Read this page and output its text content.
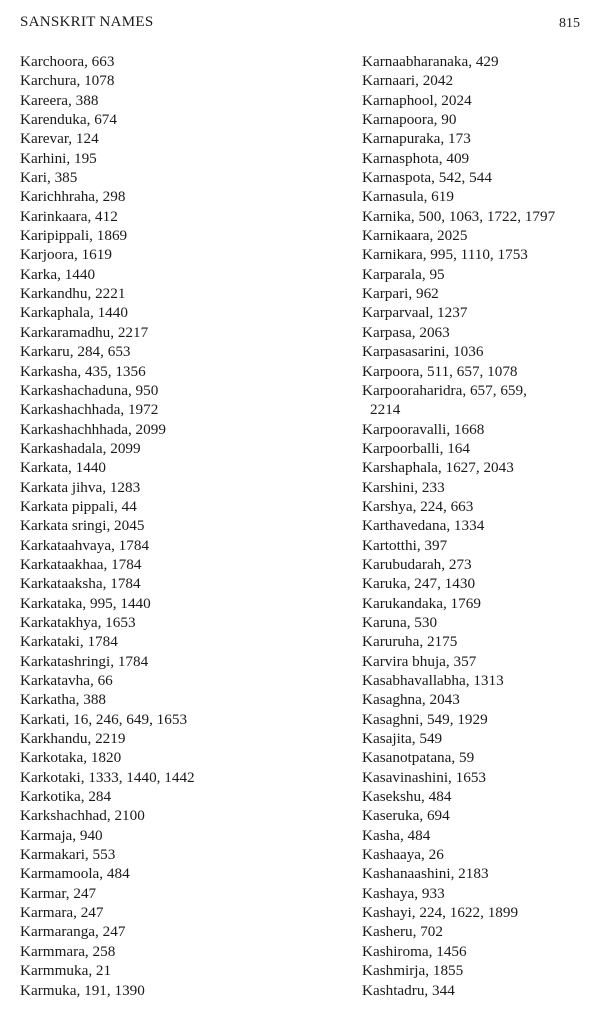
SANSKRIT NAMES	815
Karchoora, 663
Karchura, 1078
Kareera, 388
Karenduka, 674
Karevar, 124
Karhini, 195
Kari, 385
Karichhraha, 298
Karinkaara, 412
Karipippali, 1869
Karjoora, 1619
Karka, 1440
Karkandhu, 2221
Karkaphala, 1440
Karkaramadhu, 2217
Karkaru, 284, 653
Karkasha, 435, 1356
Karkashachaduna, 950
Karkashachhada, 1972
Karkashachhhada, 2099
Karkashadala, 2099
Karkata, 1440
Karkata jihva, 1283
Karkata pippali, 44
Karkata sringi, 2045
Karkataahvaya, 1784
Karkataakhaa, 1784
Karkataaksha, 1784
Karkataka, 995, 1440
Karkatakhya, 1653
Karkataki, 1784
Karkatashringi, 1784
Karkatavha, 66
Karkatha, 388
Karkati, 16, 246, 649, 1653
Karkhandu, 2219
Karkotaka, 1820
Karkotaki, 1333, 1440, 1442
Karkotika, 284
Karkshachhad, 2100
Karmaja, 940
Karmakari, 553
Karmamoola, 484
Karmar, 247
Karmara, 247
Karmaranga, 247
Karmmara, 258
Karmmuka, 21
Karmuka, 191, 1390
Karnaabharanaka, 429
Karnaari, 2042
Karnaphool, 2024
Karnapoora, 90
Karnapuraka, 173
Karnasphota, 409
Karnaspota, 542, 544
Karnasula, 619
Karnika, 500, 1063, 1722, 1797
Karnikaara, 2025
Karnikara, 995, 1110, 1753
Karparala, 95
Karpari, 962
Karparvaal, 1237
Karpasa, 2063
Karpasasarini, 1036
Karpoora, 511, 657, 1078
Karpooraharidra, 657, 659,
2214
Karpooravalli, 1668
Karpoorballi, 164
Karshaphala, 1627, 2043
Karshini, 233
Karshya, 224, 663
Karthavedana, 1334
Kartotthi, 397
Karubudarah, 273
Karuka, 247, 1430
Karukandaka, 1769
Karuna, 530
Karuruha, 2175
Karvira bhuja, 357
Kasabhavallabha, 1313
Kasaghna, 2043
Kasaghni, 549, 1929
Kasajita, 549
Kasanotpatana, 59
Kasavinashini, 1653
Kasekshu, 484
Kaseruka, 694
Kasha, 484
Kashaaya, 26
Kashanaashini, 2183
Kashaya, 933
Kashayi, 224, 1622, 1899
Kasheru, 702
Kashiroma, 1456
Kashmirja, 1855
Kashtadru, 344
